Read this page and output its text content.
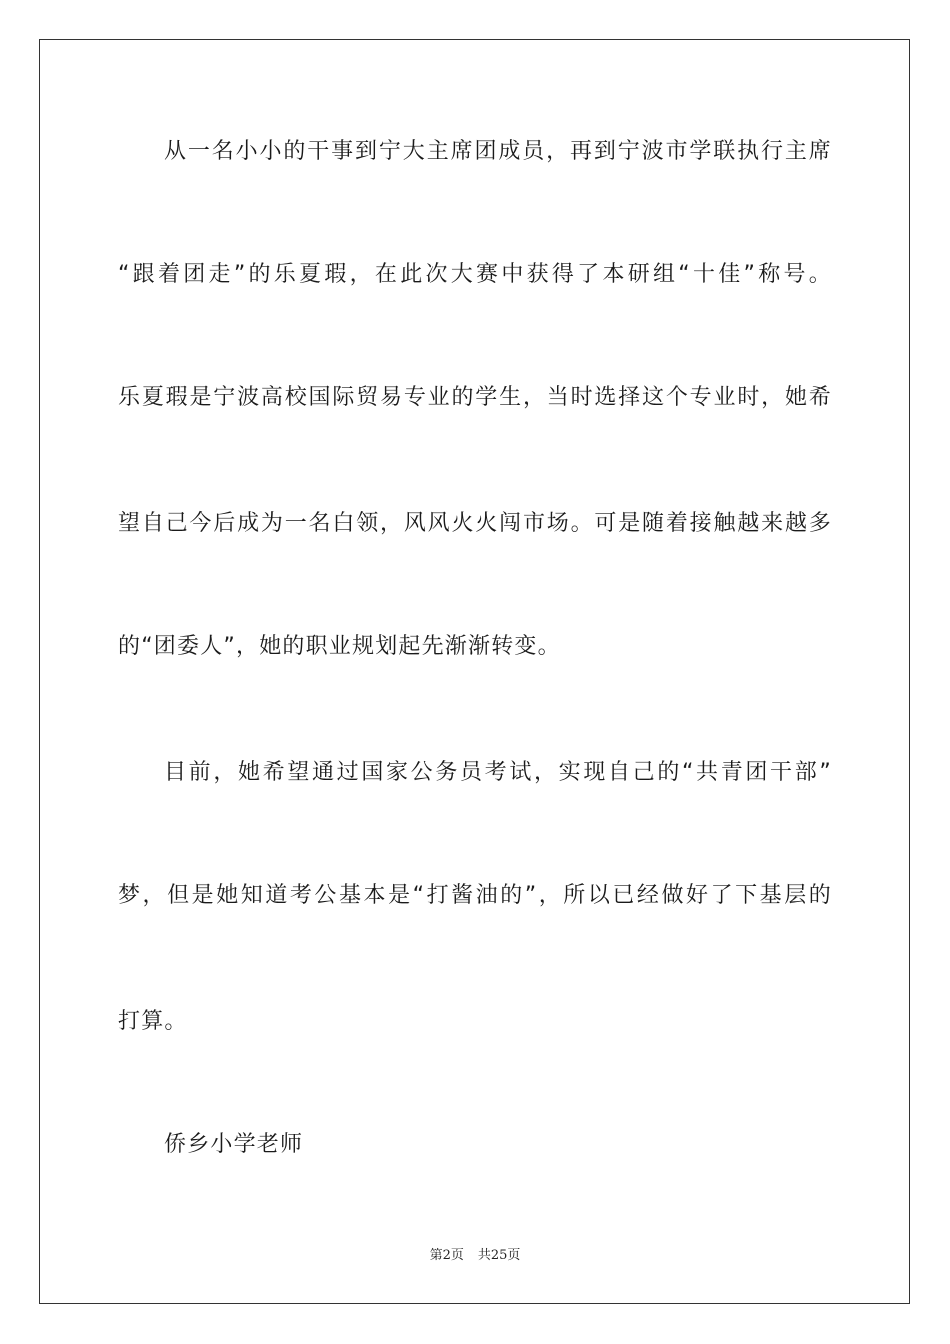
从一名小小的干事到宁大主席团成员，再到宁波市学联执行主席
“跟着团走”的乐夏瑕，在此次大赛中获得了本研组“十佳”称号。
乐夏瑕是宁波高校国际贸易专业的学生，当时选择这个专业时，她希
望自己今后成为一名白领，风风火火闯市场。可是随着接触越来越多
的“团委人”，她的职业规划起先渐渐转变。
目前，她希望通过国家公务员考试，实现自己的“共青团干部”
梦，但是她知道考公基本是“打酱油的”，所以已经做好了下基层的
打算。
侨乡小学老师
第2页 共25页
